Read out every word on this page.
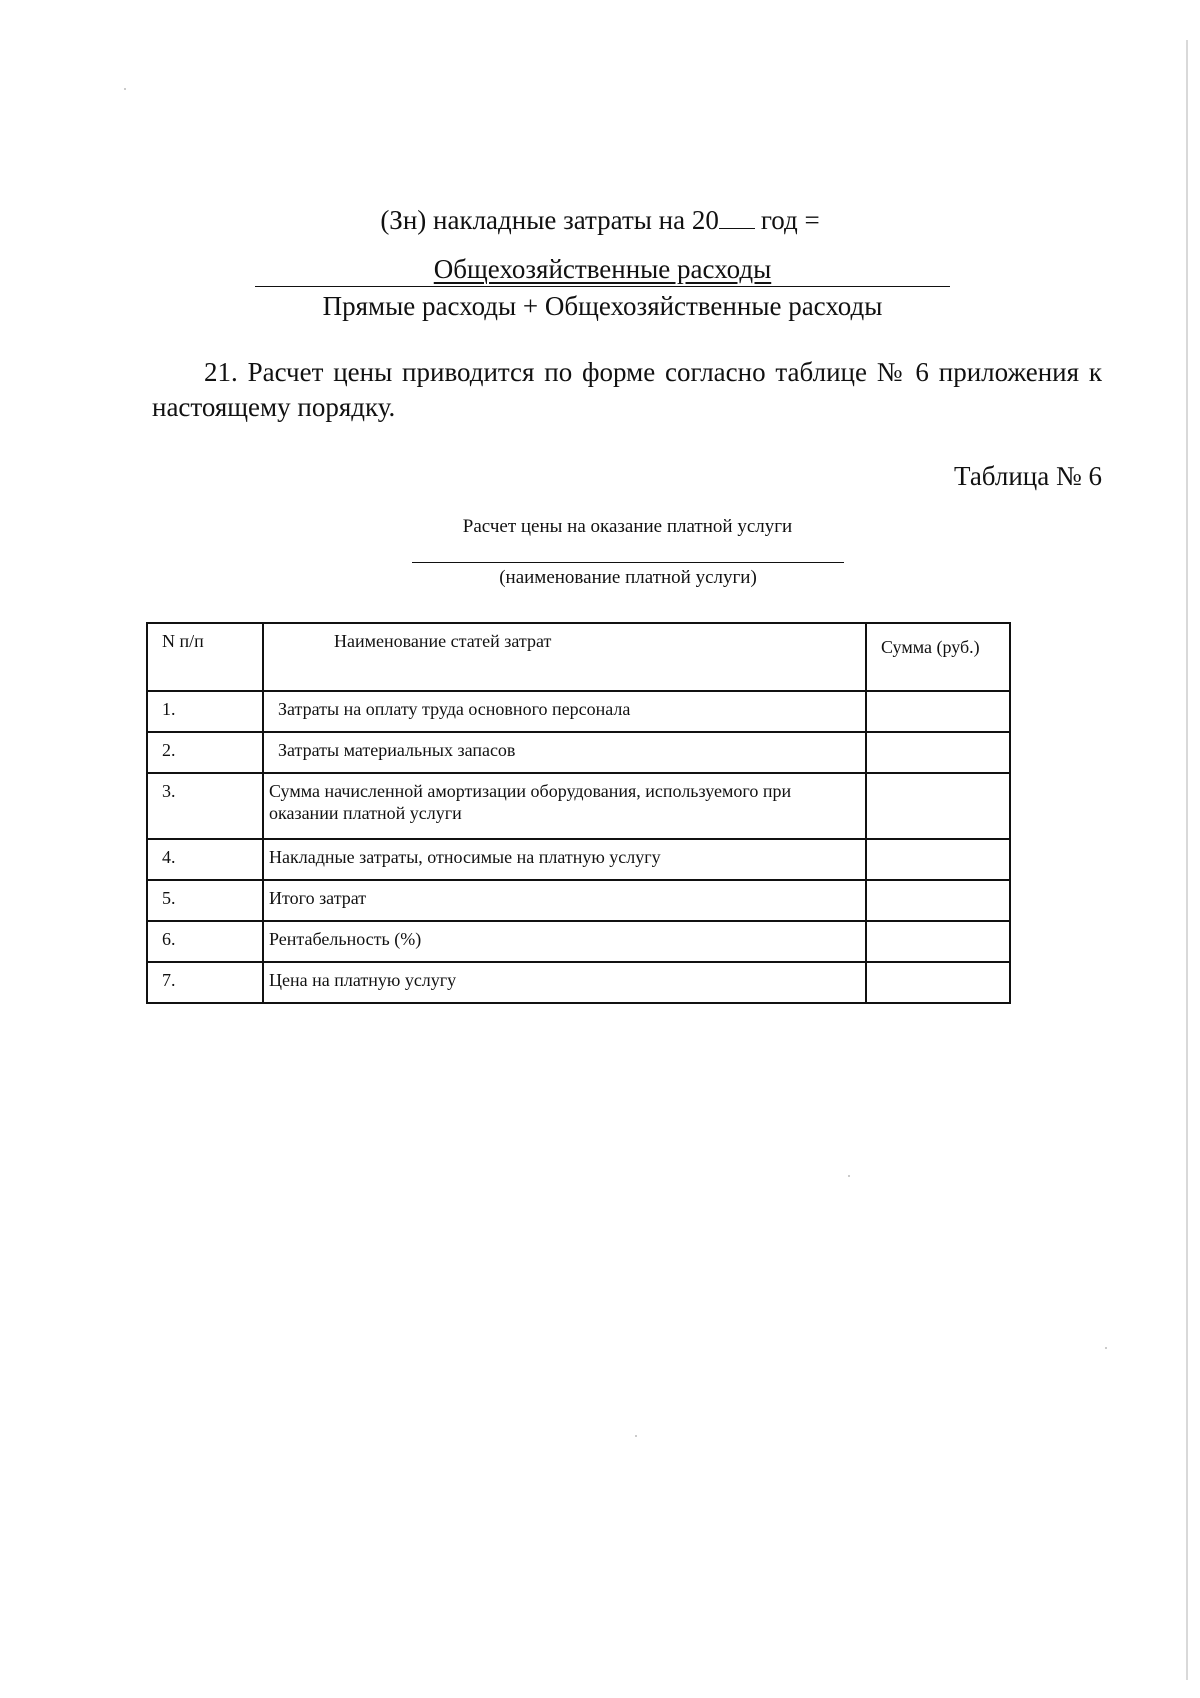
(Зн) накладные затраты на 20 год =
Общехозяйственные расходы
Прямые расходы + Общехозяйственные расходы
21. Расчет цены приводится по форме согласно таблице № 6 приложения к настоящему порядку.
Таблица № 6
Расчет цены на оказание платной услуги
(наименование платной услуги)
N п/п	Наименование статей затрат	Сумма (руб.)
1.	Затраты на оплату труда основного персонала	
2.	Затраты материальных запасов	
3.	Сумма начисленной амортизации оборудования, используемого при оказании платной услуги	
4.	Накладные затраты, относимые на платную услугу	
5.	Итого затрат	
6.	Рентабельность (%)	
7.	Цена на платную услугу	
